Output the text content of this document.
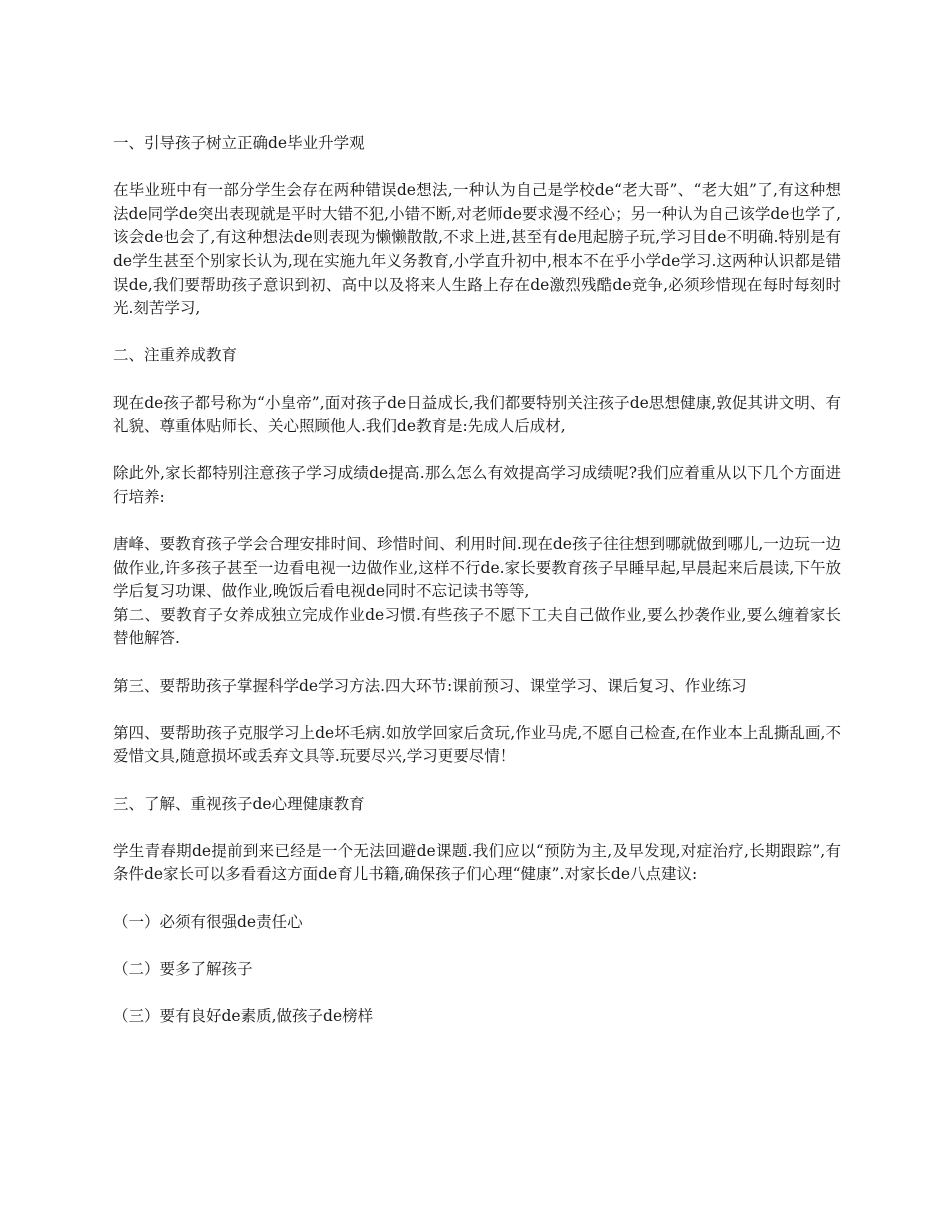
一、引导孩子树立正确de毕业升学观
在毕业班中有一部分学生会存在两种错误de想法,一种认为自己是学校de“老大哥”、“老大姐”了,有这种想法de同学de突出表现就是平时大错不犯,小错不断,对老师de要求漫不经心；另一种认为自己该学de也学了,该会de也会了,有这种想法de则表现为懒懒散散,不求上进,甚至有de甩起膀子玩,学习目de不明确.特别是有de学生甚至个别家长认为,现在实施九年义务教育,小学直升初中,根本不在乎小学de学习.这两种认识都是错误de,我们要帮助孩子意识到初、高中以及将来人生路上存在de激烈残酷de竞争,必须珍惜现在每时每刻时光.刻苦学习,
二、注重养成教育
现在de孩子都号称为“小皇帝”,面对孩子de日益成长,我们都要特别关注孩子de思想健康,敦促其讲文明、有礼貌、尊重体贴师长、关心照顾他人.我们de教育是:先成人后成材,
除此外,家长都特别注意孩子学习成绩de提高.那么怎么有效提高学习成绩呢?我们应着重从以下几个方面进行培养:
唐峰、要教育孩子学会合理安排时间、珍惜时间、利用时间.现在de孩子往往想到哪就做到哪儿,一边玩一边做作业,许多孩子甚至一边看电视一边做作业,这样不行de.家长要教育孩子早睡早起,早晨起来后晨读,下午放学后复习功课、做作业,晚饭后看电视de同时不忘记读书等等,
第二、要教育子女养成独立完成作业de习惯.有些孩子不愿下工夫自己做作业,要么抄袭作业,要么缠着家长替他解答.
第三、要帮助孩子掌握科学de学习方法.四大环节:课前预习、课堂学习、课后复习、作业练习
第四、要帮助孩子克服学习上de坏毛病.如放学回家后贪玩,作业马虎,不愿自己检查,在作业本上乱撕乱画,不爱惜文具,随意损坏或丢弃文具等.玩要尽兴,学习更要尽情！
三、了解、重视孩子de心理健康教育
学生青春期de提前到来已经是一个无法回避de课题.我们应以“预防为主,及早发现,对症治疗,长期跟踪”,有条件de家长可以多看看这方面de育儿书籍,确保孩子们心理“健康”.对家长de八点建议:
（一）必须有很强de责任心
（二）要多了解孩子
（三）要有良好de素质,做孩子de榜样
